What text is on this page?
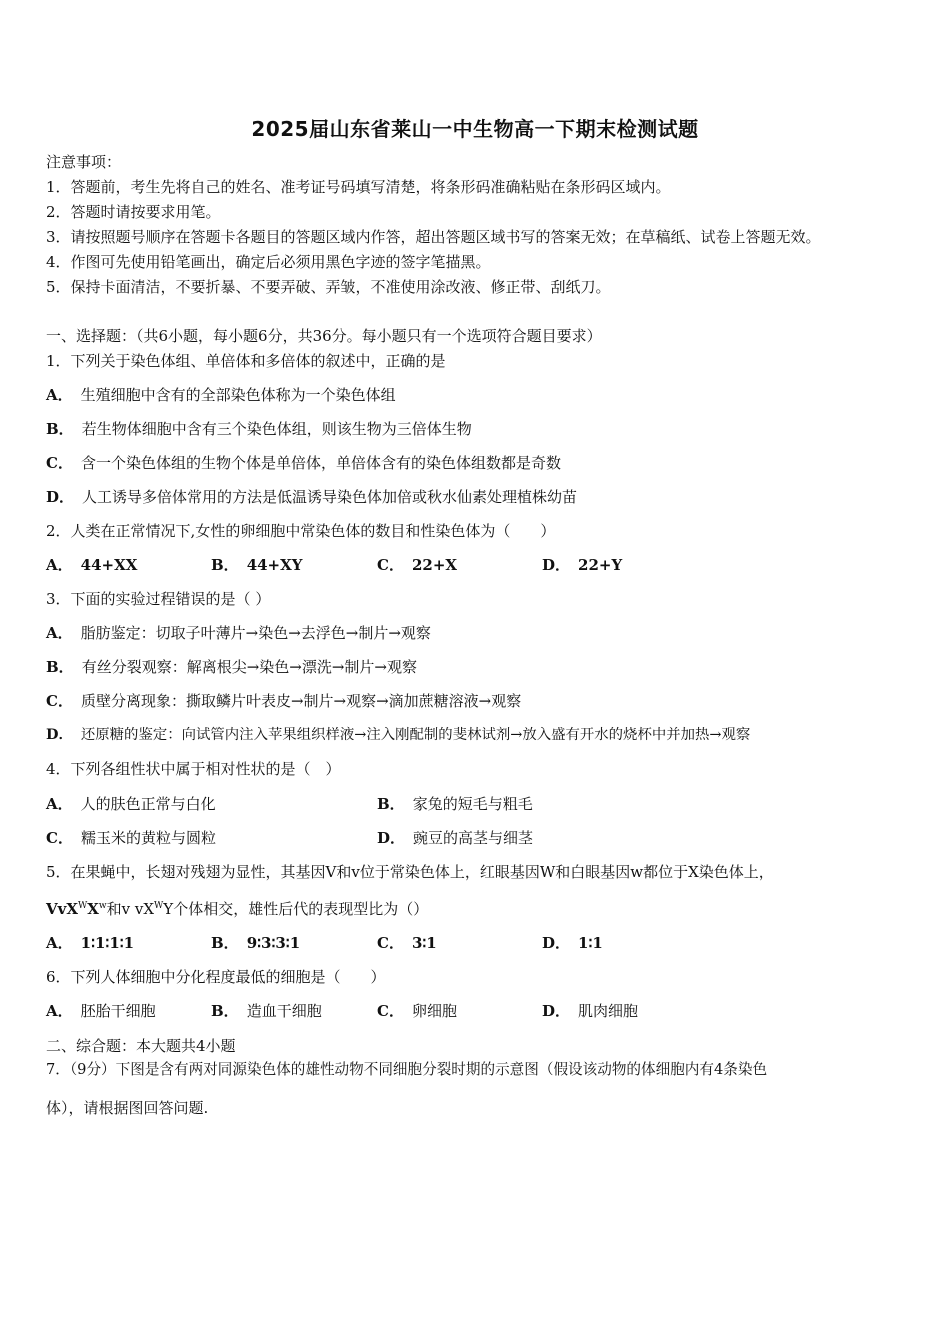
2025届山东省莱山一中生物高一下期末检测试题
注意事项：
1．答题前，考生先将自己的姓名、准考证号码填写清楚，将条形码准确粘贴在条形码区域内。
2．答题时请按要求用笔。
3．请按照题号顺序在答题卡各题目的答题区域内作答，超出答题区域书写的答案无效；在草稿纸、试卷上答题无效。
4．作图可先使用铅笔画出，确定后必须用黑色字迹的签字笔描黑。
5．保持卡面清洁，不要折暴、不要弄破、弄皱，不准使用涂改液、修正带、刮纸刀。
一、选择题：（共6小题，每小题6分，共36分。每小题只有一个选项符合题目要求）
1．下列关于染色体组、单倍体和多倍体的叙述中，正确的是
A． 生殖细胞中含有的全部染色体称为一个染色体组
B． 若生物体细胞中含有三个染色体组，则该生物为三倍体生物
C． 含一个染色体组的生物个体是单倍体，单倍体含有的染色体组数都是奇数
D． 人工诱导多倍体常用的方法是低温诱导染色体加倍或秋水仙素处理植株幼苗
2．人类在正常情况下,女性的卵细胞中常染色体的数目和性染色体为（　　）
A． 44+XX	B． 44+XY	C． 22+X	D． 22+Y
3．下面的实验过程错误的是（ ）
A． 脂肪鉴定：切取子叶薄片→染色→去浮色→制片→观察
B． 有丝分裂观察：解离根尖→染色→漂洗→制片→观察
C． 质壁分离现象：撕取鳞片叶表皮→制片→观察→滴加蔗糖溶液→观察
D． 还原糖的鉴定：向试管内注入苹果组织样液→注入刚配制的斐林试剂→放入盛有开水的烧杯中并加热→观察
4．下列各组性状中属于相对性状的是（　）
A． 人的肤色正常与白化	B． 家兔的短毛与粗毛
C． 糯玉米的黄粒与圆粒	D． 豌豆的高茎与细茎
5．在果蝇中，长翅对残翅为显性，其基因V和v位于常染色体上，红眼基因W和白眼基因w都位于X染色体上，
$VvX^WX^w$和v $vX^WY$个体相交，雄性后代的表现型比为（）
A． 1∶1∶1∶1	B． 9∶3∶3∶1	C． 3∶1	D． 1∶1
6．下列人体细胞中分化程度最低的细胞是（　　）
A． 胚胎干细胞	B． 造血干细胞	C． 卵细胞	D． 肌肉细胞
二、综合题：本大题共4小题
7．（9分）下图是含有两对同源染色体的雄性动物不同细胞分裂时期的示意图（假设该动物的体细胞内有4条染色
体），请根据图回答问题.
